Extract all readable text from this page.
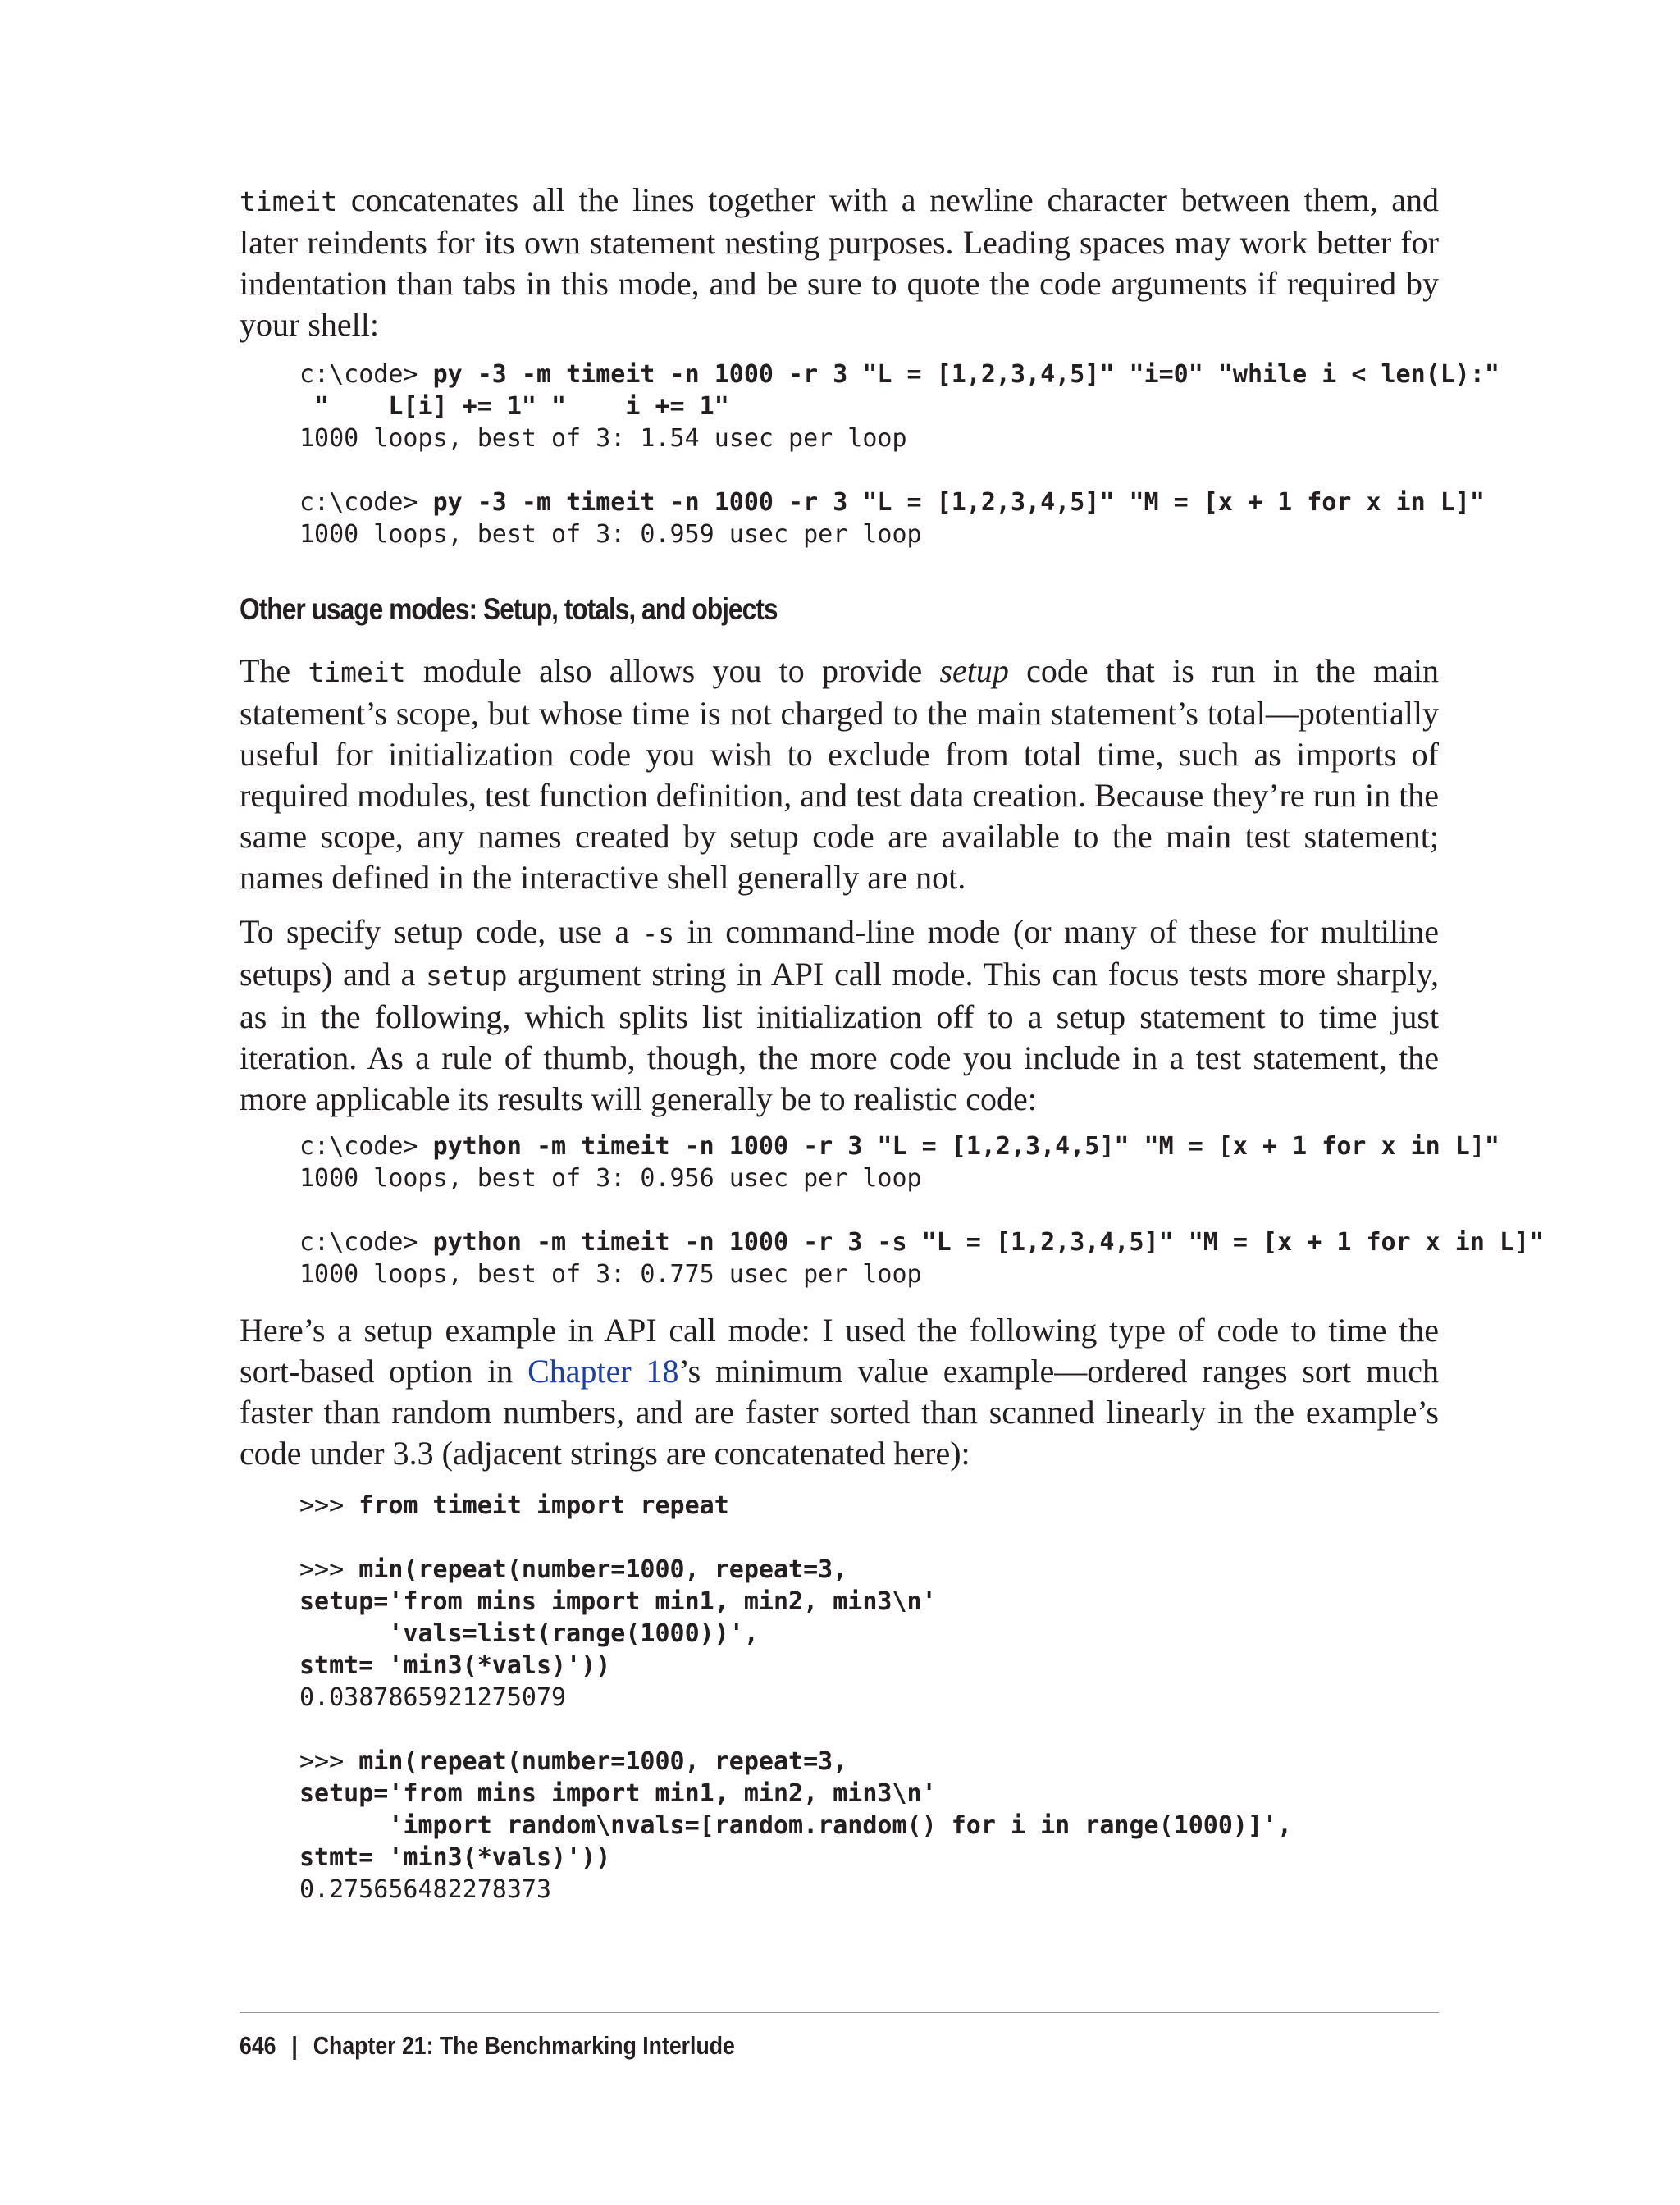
timeit concatenates all the lines together with a newline character between them, and later reindents for its own statement nesting purposes. Leading spaces may work better for indentation than tabs in this mode, and be sure to quote the code arguments if required by your shell:

c:\code> py -3 -m timeit -n 1000 -r 3 "L = [1,2,3,4,5]" "i=0" "while i < len(L):"
"    L[i] += 1" "    i += 1"
1000 loops, best of 3: 1.54 usec per loop

c:\code> py -3 -m timeit -n 1000 -r 3 "L = [1,2,3,4,5]" "M = [x + 1 for x in L]"
1000 loops, best of 3: 0.959 usec per loop
Other usage modes: Setup, totals, and objects

The timeit module also allows you to provide setup code that is run in the main statement’s scope, but whose time is not charged to the main statement’s total—potentially useful for initialization code you wish to exclude from total time, such as imports of required modules, test function definition, and test data creation. Because they’re run in the same scope, any names created by setup code are available to the main test statement; names defined in the interactive shell generally are not.

To specify setup code, use a -s in command-line mode (or many of these for multiline setups) and a setup argument string in API call mode. This can focus tests more sharply, as in the following, which splits list initialization off to a setup statement to time just iteration. As a rule of thumb, though, the more code you include in a test statement, the more applicable its results will generally be to realistic code:

c:\code> python -m timeit -n 1000 -r 3 "L = [1,2,3,4,5]" "M = [x + 1 for x in L]"
1000 loops, best of 3: 0.956 usec per loop

c:\code> python -m timeit -n 1000 -r 3 -s "L = [1,2,3,4,5]" "M = [x + 1 for x in L]"
1000 loops, best of 3: 0.775 usec per loop

Here’s a setup example in API call mode: I used the following type of code to time the sort-based option in Chapter 18’s minimum value example—ordered ranges sort much faster than random numbers, and are faster sorted than scanned linearly in the example’s code under 3.3 (adjacent strings are concatenated here):

>>> from timeit import repeat

>>> min(repeat(number=1000, repeat=3,
setup='from mins import min1, min2, min3\n'
'vals=list(range(1000))',
stmt= 'min3(*vals)'))
0.0387865921275079

>>> min(repeat(number=1000, repeat=3,
setup='from mins import min1, min2, min3\n'
'import random\nvals=[random.random() for i in range(1000)]',
stmt= 'min3(*vals)'))
0.275656482278373
646 | Chapter 21: The Benchmarking Interlude
